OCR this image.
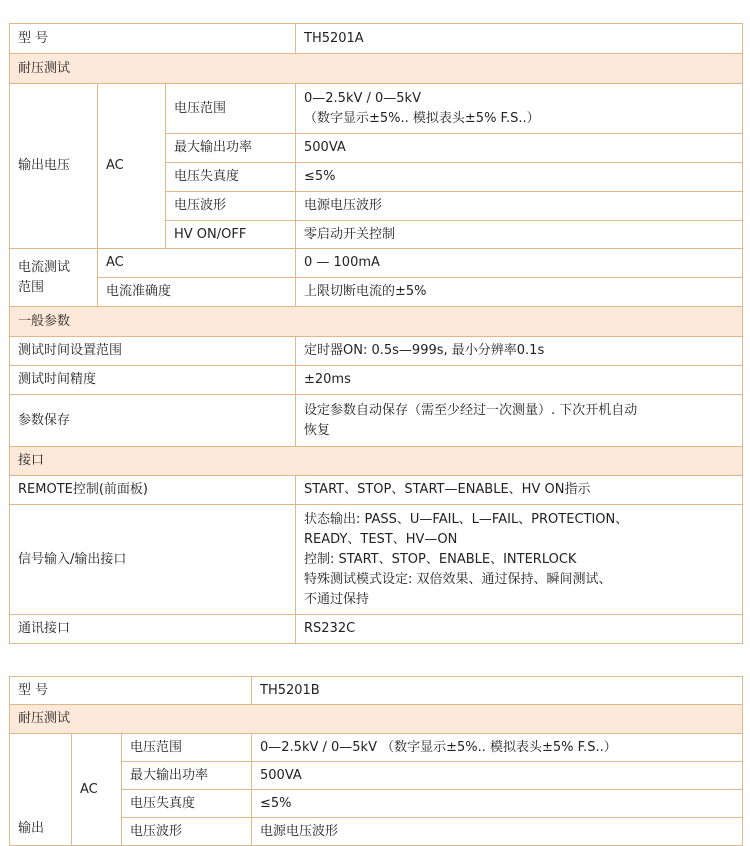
型 号			TH5201A
耐压测试			
输出电压	AC	电压范围	0—2.5kV / 0—5kV
（数字显示±5%.. 模拟表头±5% F.S..）

		最大输出功率	500VA
		电压失真度	≤5%
		电压波形	电源电压波形
		HV ON/OFF	零启动开关控制

电流测试
范围	AC		0 — 100mA
	电流准确度		上限切断电流的±5%
一般参数			
测试时间设置范围			定时器ON: 0.5s—999s, 最小分辨率0.1s
测试时间精度			±20ms
参数保存			设定参数自动保存（需至少经过一次测量）. 下次开机自动
恢复

接口			
REMOTE控制(前面板)			START、STOP、START—ENABLE、HV ON指示
信号输入/输出接口			状态输出: PASS、U—FAIL、L—FAIL、PROTECTION、
READY、TEST、HV—ON
控制: START、STOP、ENABLE、INTERLOCK
特殊测试模式设定: 双倍效果、通过保持、瞬间测试、
不通过保持

通讯接口			RS232C
型 号			TH5201B
耐压测试			
输出	AC	电压范围	0—2.5kV / 0—5kV （数字显示±5%.. 模拟表头±5% F.S..）
		最大输出功率	500VA
		电压失真度	≤5%
		电压波形	电源电压波形
